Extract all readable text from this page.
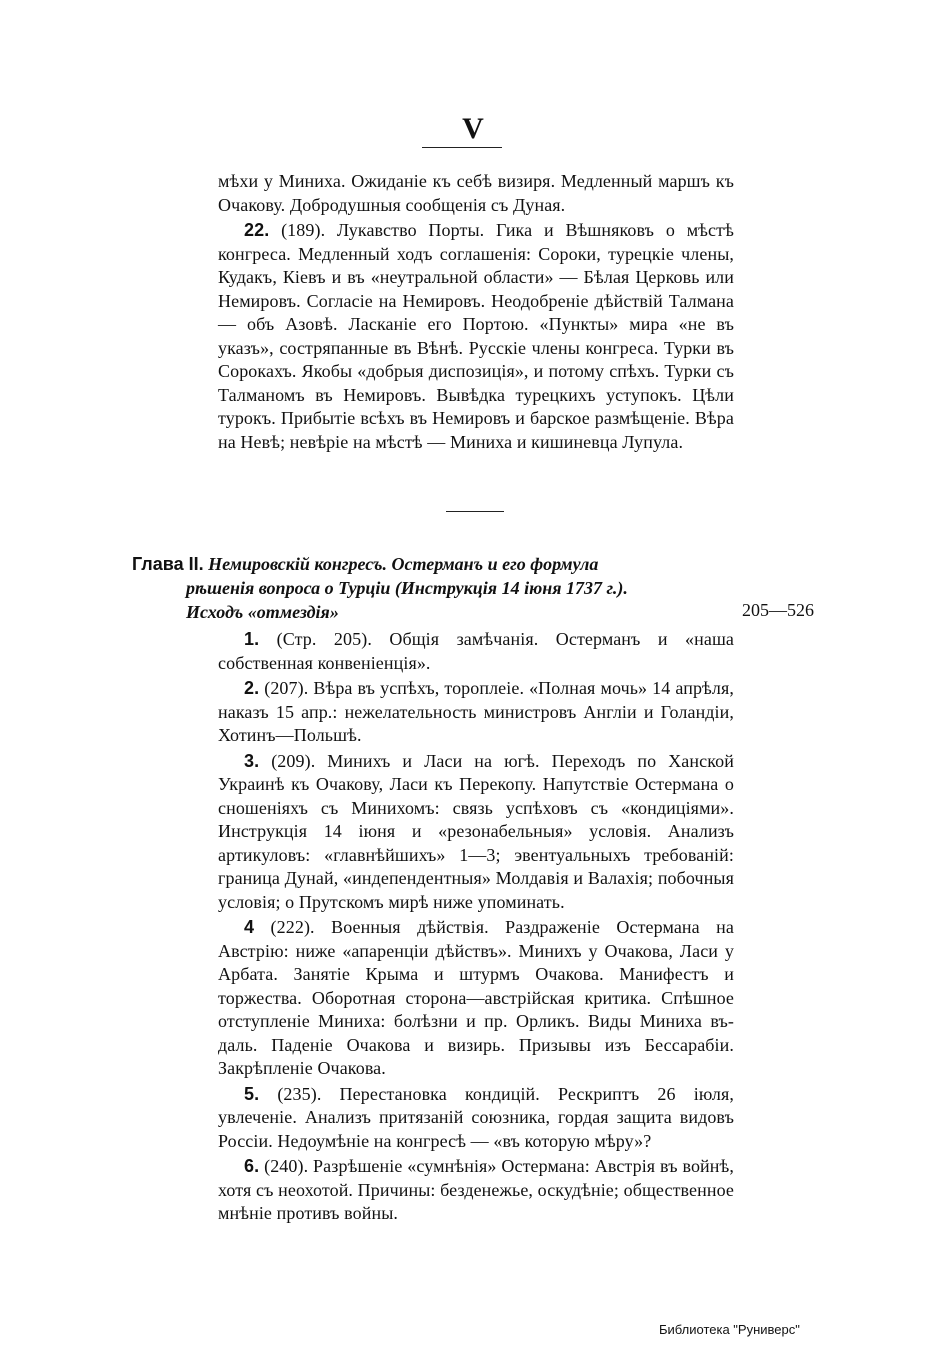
V

мѣхи у Миниха. Ожиданіе къ себѣ визиря. Медленный маршъ къ Очакову. Добродушныя сообщенія съ Дуная.

22. (189). Лукавство Порты. Гика и Вѣшняковъ о мѣстѣ конгреса. Медленный ходъ соглашенія: Сороки, турецкіе члены, Кудакъ, Кіевъ и въ «неутральной области» — Бѣлая Церковь или Немировъ. Согласіе на Немировъ. Неодобреніе дѣйствій Талмана — объ Азовѣ. Ласканіе его Портою. «Пункты» мира «не въ указъ», состряпанные въ Вѣнѣ. Русскіе члены конгреса. Турки въ Сорокахъ. Якобы «добрыя диспозиція», и потому спѣхъ. Турки съ Талманомъ въ Немировъ. Вывѣдка турецкихъ уступокъ. Цѣли турокъ. Прибытіе всѣхъ въ Немировъ и барское размѣщеніе. Вѣра на Невѣ; невѣріе на мѣстѣ — Миниха и кишиневца Лупула.

Глава II. Немировскій конгресъ. Остерманъ и его формула
рѣшенія вопроса о Турціи (Инструкція 14 іюня 1737 г.).
Исходъ «отмездія»	205—526

1. (Стр. 205). Общія замѣчанія. Остерманъ и «наша собственная конвеніенція».

2. (207). Вѣра въ успѣхъ, тороплеіе. «Полная мочь» 14 апрѣля, наказъ 15 апр.: нежелательность министровъ Англіи и Голандіи, Хотинъ—Польшѣ.

3. (209). Минихъ и Ласи на югѣ. Переходъ по Ханской Украинѣ къ Очакову, Ласи къ Перекопу. Напутствіе Остермана о сношеніяхъ съ Минихомъ: связь успѣховъ съ «кондиціями». Инструкція 14 іюня и «резонабельныя» условія. Анализъ артикуловъ: «главнѣйшихъ» 1—3; эвентуальныхъ требованій: граница Дунай, «индепендентныя» Молдавія и Валахія; побочныя условія; о Прутскомъ мирѣ ниже упоминать.

4 (222). Военныя дѣйствія. Раздраженіе Остермана на Австрію: ниже «апаренціи дѣйствъ». Минихъ у Очакова, Ласи у Арбата. Занятіе Крыма и штурмъ Очакова. Манифестъ и торжества. Оборотная сторона—австрійская критика. Спѣшное отступленіе Миниха: болѣзни и пр. Орликъ. Виды Миниха въ-даль. Паденіе Очакова и визирь. Призывы изъ Бессарабіи. Закрѣпленіе Очакова.

5. (235). Перестановка кондицій. Рескриптъ 26 іюля, увлеченіе. Анализъ притязаній союзника, гордая защита видовъ Россіи. Недоумѣніе на конгресѣ — «въ которую мѣру»?

6. (240). Разрѣшеніе «сумнѣнія» Остермана: Австрія въ войнѣ, хотя съ неохотой. Причины: безденежье, оскудѣніе; общественное мнѣніе противъ войны.

Библиотека "Руниверс"
